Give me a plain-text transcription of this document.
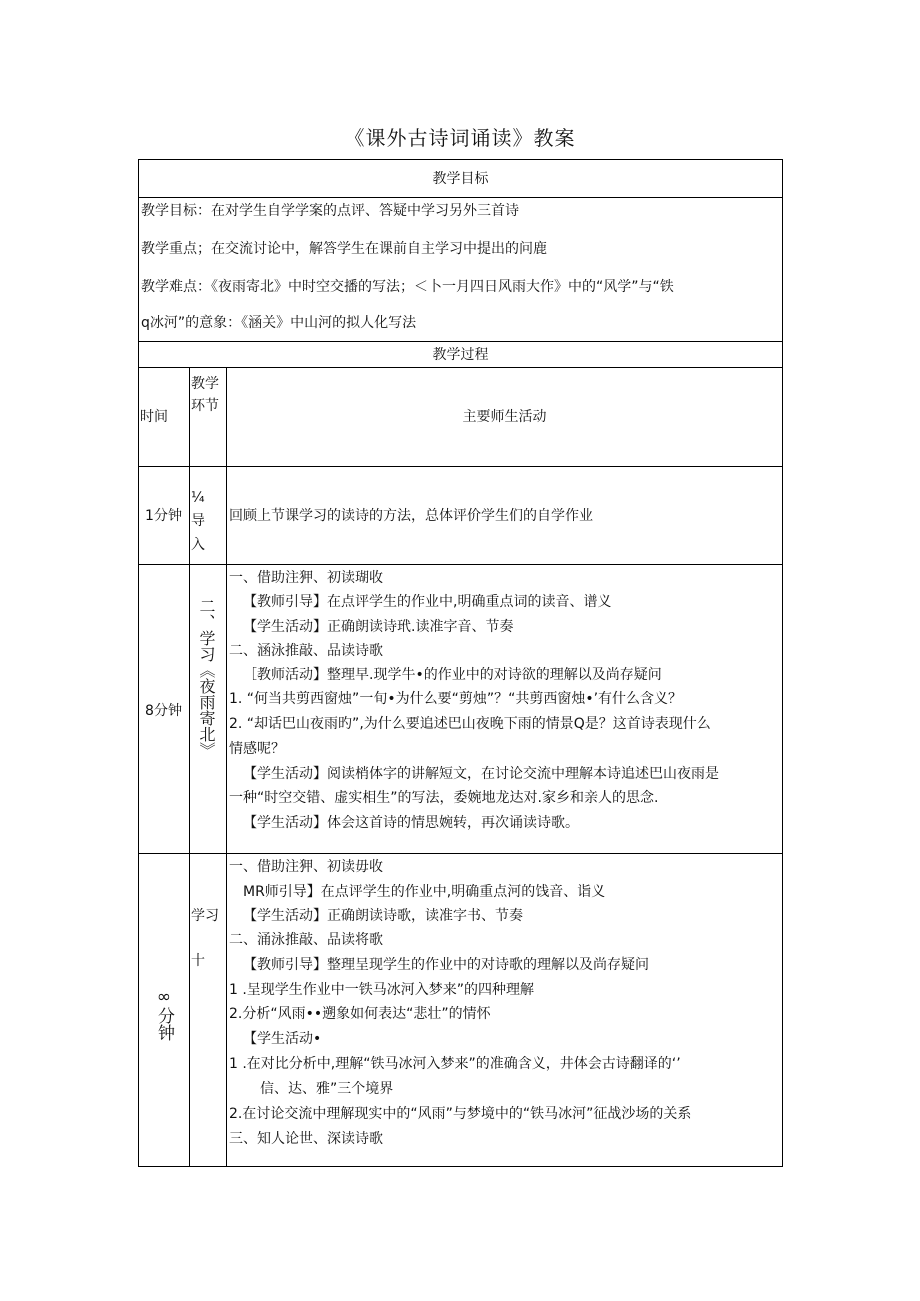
《课外古诗词诵读》教案
教学目标
教学目标：在对学生自学学案的点评、答疑中学习另外三首诗
教学重点；在交流讨论中，解答学生在课前自主学习中提出的问鹿
教学难点：《夜雨寄北》中时空交播的写法；＜卜一月四日风雨大作》中的“风学”与“铁
q冰河”的意象：《涵关》中山河的拟人化写法
教学过程
时间
教学
环节
主要师生活动
1分钟
¼
导
入
回顾上节课学习的读诗的方法，总体评价学生们的自学作业
8分钟 二、学习《夜雨寄北》
一、借助注狎、初读瑚收
【教师引导】在点评学生的作业中,明确重点词的读音、谱义
【学生活动】正确朗读诗玳.读准字音、节奏
二、涵泳推敲、品读诗歌
［教师活动】整理早.现学牛•的作业中的对诗欲的理解以及尚存疑问
1. “何当共剪西窗烛”一旬•为什么要“剪烛”？“共剪西窗烛•’有什么含义？
2. “却话巴山夜雨旳”,为什么要追述巴山夜晚下雨的情景Q是？这首诗表现什么
情感呢？
【学生活动】阅读梢体字的讲解短文，在讨论交流中理解本诗追述巴山夜雨是
一种“时空交错、虚实相生”的写法，委婉地龙达对.家乡和亲人的思念.
【学生活动】体会这首诗的情思婉转，再次诵读诗歌。
∞分钟
学习
十
一、借助注狎、初读毋收
MR师引导】在点评学生的作业中,明确重点河的饯音、诣义
【学生活动】正确朗读诗歌，读准字书、节奏
二、涌泳推敲、品读将歌
【教师引导】整理呈现学生的作业中的对诗歌的理解以及尚存疑问
1 .呈现学生作业中一铁马冰河入梦来”的四种理解
2.分析“风雨••遡象如何表达“悲壮”的情怀
【学生活动•
1 .在对比分析中,理解“铁马冰河入梦来”的准确含义，井体会古诗翻译的‘’
信、达、雅”三个境界
2.在讨论交流中理解现实中的“风雨”与梦境中的“铁马冰河”征战沙场的关系
三、知人论世、深读诗歌
